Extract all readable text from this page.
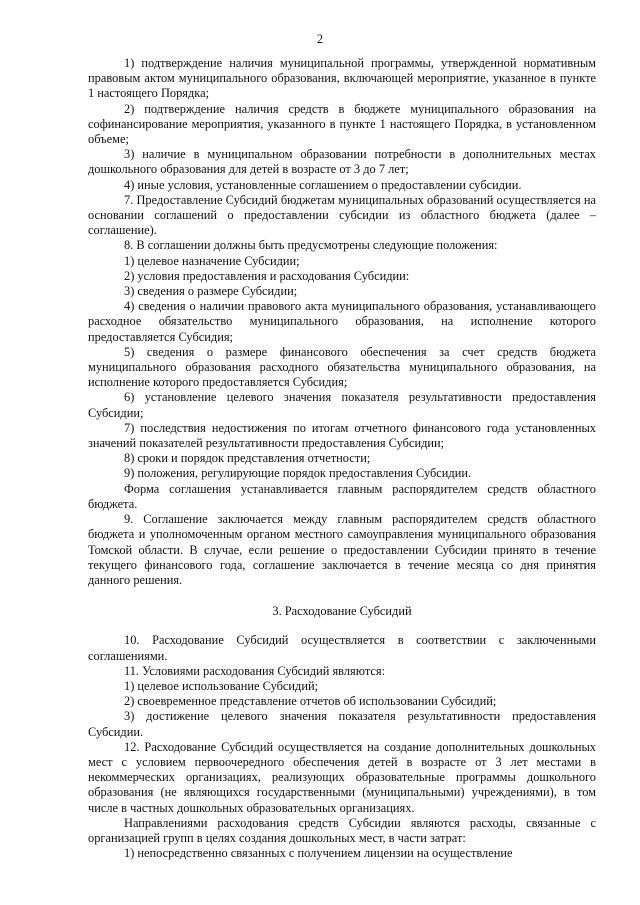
2

1) подтверждение наличия муниципальной программы, утвержденной нормативным правовым актом муниципального образования, включающей мероприятие, указанное в пункте 1 настоящего Порядка;

2) подтверждение наличия средств в бюджете муниципального образования на софинансирование мероприятия, указанного в пункте 1 настоящего Порядка, в установленном объеме;

3) наличие в муниципальном образовании потребности в дополнительных местах дошкольного образования для детей в возрасте от 3 до 7 лет;

4) иные условия, установленные соглашением о предоставлении субсидии.

7. Предоставление Субсидий бюджетам муниципальных образований осуществляется на основании соглашений о предоставлении субсидии из областного бюджета (далее – соглашение).

8. В соглашении должны быть предусмотрены следующие положения:

1) целевое назначение Субсидии;

2) условия предоставления и расходования Субсидии:

3) сведения о размере Субсидии;

4) сведения о наличии правового акта муниципального образования, устанавливающего расходное обязательство муниципального образования, на исполнение которого предоставляется Субсидия;

5) сведения о размере финансового обеспечения за счет средств бюджета муниципального образования расходного обязательства муниципального образования, на исполнение которого предоставляется Субсидия;

6) установление целевого значения показателя результативности предоставления Субсидии;

7) последствия недостижения по итогам отчетного финансового года установленных значений показателей результативности предоставления Субсидии;

8) сроки и порядок представления отчетности;

9) положения, регулирующие порядок предоставления Субсидии.

Форма соглашения устанавливается главным распорядителем средств областного бюджета.

9. Соглашение заключается между главным распорядителем средств областного бюджета и уполномоченным органом местного самоуправления муниципального образования Томской области. В случае, если решение о предоставлении Субсидии принято в течение текущего финансового года, соглашение заключается в течение месяца со дня принятия данного решения.

3. Расходование Субсидий

10. Расходование Субсидий осуществляется в соответствии с заключенными соглашениями.

11. Условиями расходования Субсидий являются:

1) целевое использование Субсидий;

2) своевременное представление отчетов об использовании Субсидий;

3) достижение целевого значения показателя результативности предоставления Субсидии.

12. Расходование Субсидий осуществляется на создание дополнительных дошкольных мест с условием первоочередного обеспечения детей в возрасте от 3 лет местами в некоммерческих организациях, реализующих образовательные программы дошкольного образования (не являющихся государственными (муниципальными) учреждениями), в том числе в частных дошкольных образовательных организациях.

Направлениями расходования средств Субсидии являются расходы, связанные с организацией групп в целях создания дошкольных мест, в части затрат:

1) непосредственно связанных с получением лицензии на осуществление
